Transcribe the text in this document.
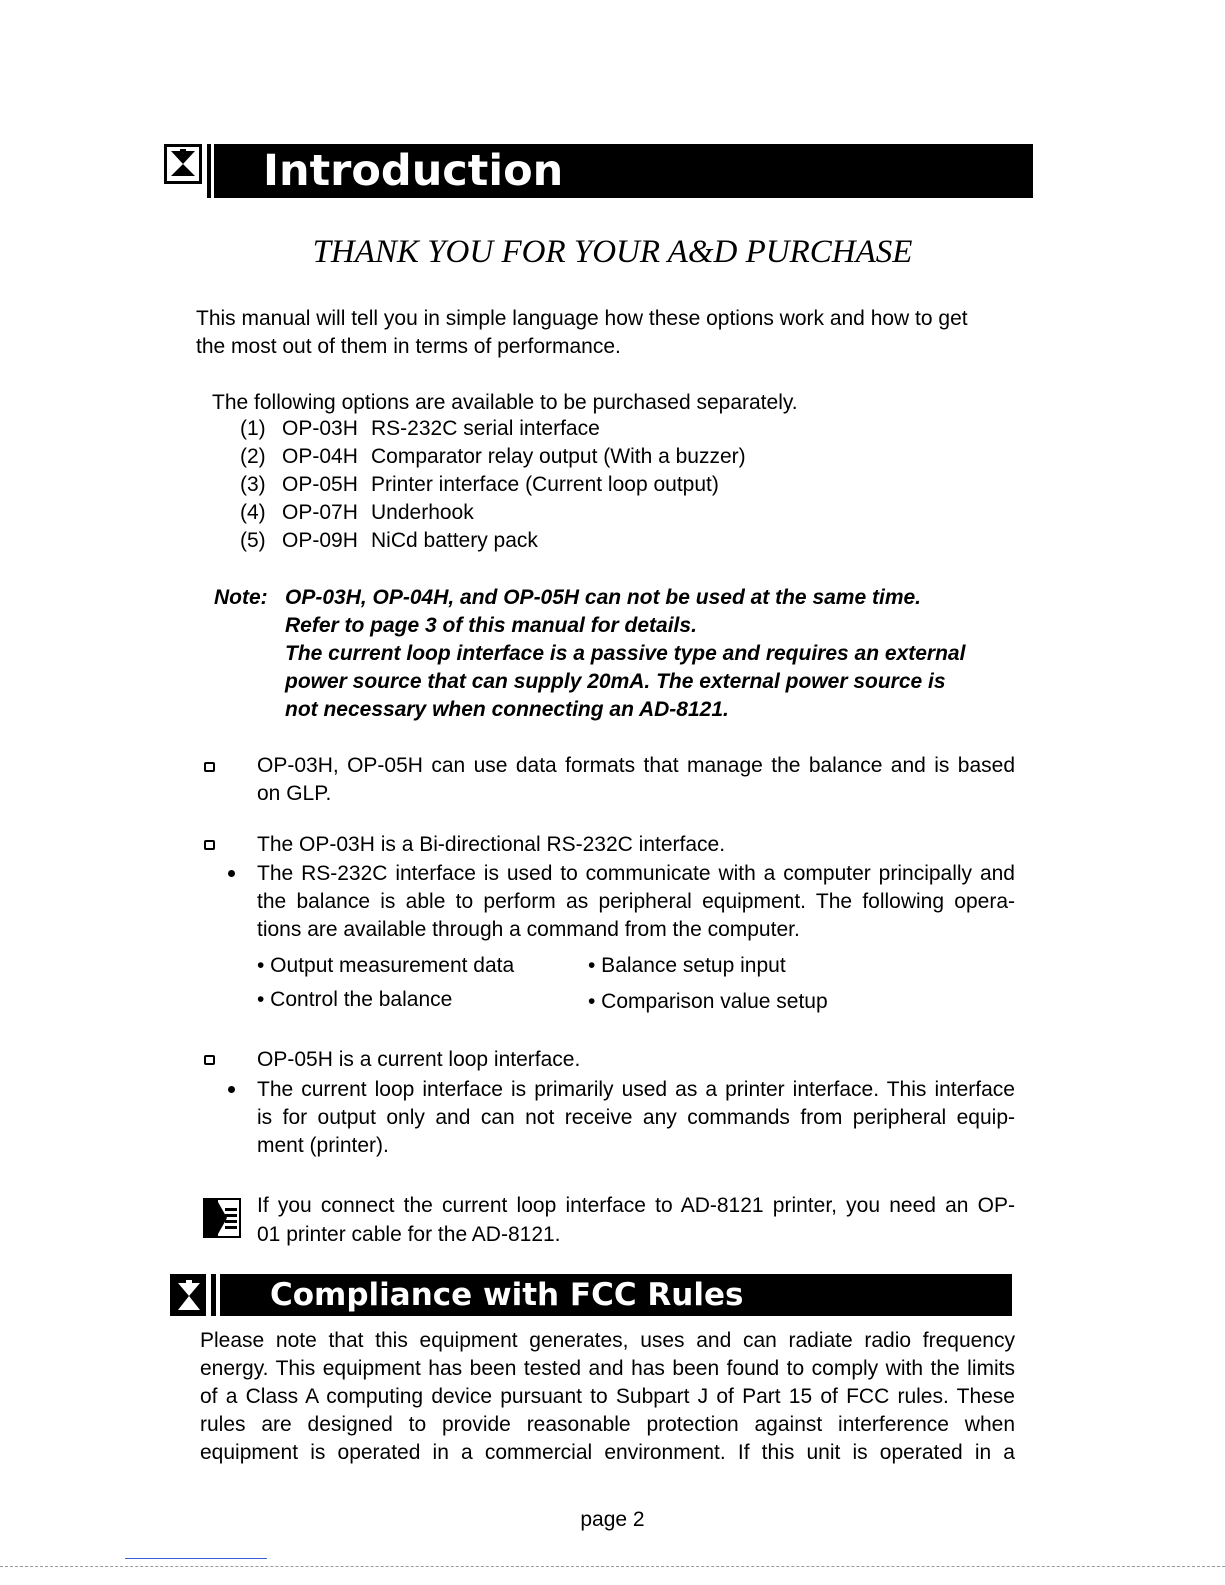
Introduction
THANK YOU FOR YOUR A&D PURCHASE
This manual will tell you in simple language how these options work and how to get
the most out of them in terms of performance.
The following options are available to be purchased separately.
(1) OP-03H RS-232C serial interface
(2) OP-04H Comparator relay output (With a buzzer)
(3) OP-05H Printer interface (Current loop output)
(4) OP-07H Underhook
(5) OP-09H NiCd battery pack
Note: OP-03H, OP-04H, and OP-05H can not be used at the same time.
Refer to page 3 of this manual for details.
The current loop interface is a passive type and requires an external
power source that can supply 20mA. The external power source is
not necessary when connecting an AD-8121.
OP-03H, OP-05H can use data formats that manage the balance and is based
on GLP.
The OP-03H is a Bi-directional RS-232C interface.
The RS-232C interface is used to communicate with a computer principally and
the balance is able to perform as peripheral equipment. The following opera-
tions are available through a command from the computer.
• Output measurement data	• Balance setup input
• Control the balance	• Comparison value setup
OP-05H is a current loop interface.
The current loop interface is primarily used as a printer interface. This interface
is for output only and can not receive any commands from peripheral equip-
ment (printer).
If you connect the current loop interface to AD-8121 printer, you need an OP-
01 printer cable for the AD-8121.
Compliance with FCC Rules
Please note that this equipment generates, uses and can radiate radio frequency
energy. This equipment has been tested and has been found to comply with the limits
of a Class A computing device pursuant to Subpart J of Part 15 of FCC rules. These
rules are designed to provide reasonable protection against interference when
equipment is operated in a commercial environment. If this unit is operated in a
page 2
